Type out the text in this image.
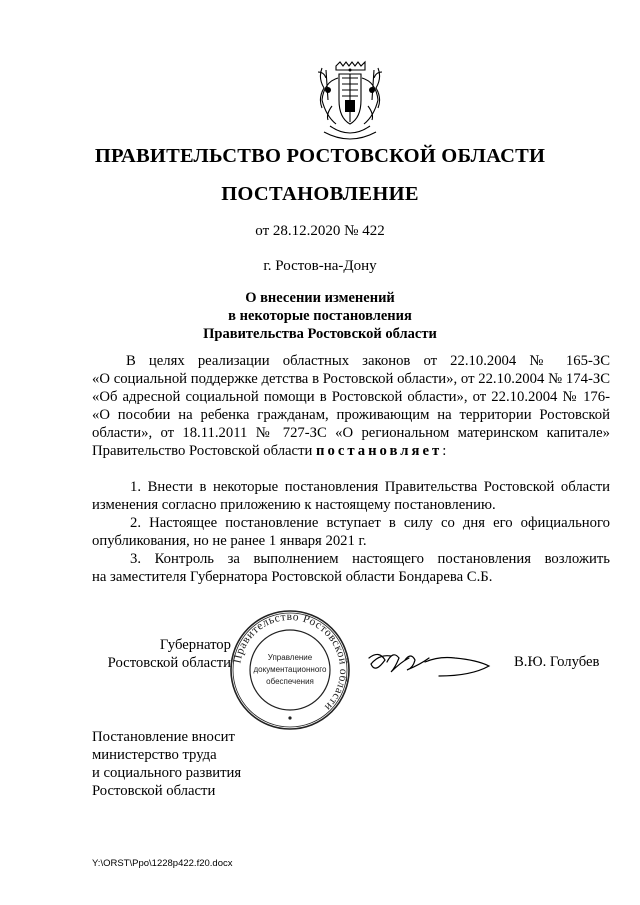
ПРАВИТЕЛЬСТВО РОСТОВСКОЙ ОБЛАСТИ
ПОСТАНОВЛЕНИЕ
от 28.12.2020 № 422
г. Ростов-на-Дону
О внесении изменений
в некоторые постановления
Правительства Ростовской области
В целях реализации областных законов от 22.10.2004 № 165-ЗС
«О социальной поддержке детства в Ростовской области», от 22.10.2004 № 174-ЗС
«Об адресной социальной помощи в Ростовской области», от 22.10.2004 № 176-
«О пособии на ребенка гражданам, проживающим на территории Ростовской
области», от 18.11.2011 № 727-ЗС «О региональном материнском капитале»
Правительство Ростовской области постановляет:
1. Внести в некоторые постановления Правительства Ростовской области
изменения согласно приложению к настоящему постановлению.
2. Настоящее постановление вступает в силу со дня его официального
опубликования, но не ранее 1 января 2021 г.
3. Контроль за выполнением настоящего постановления возложить
на заместителя Губернатора Ростовской области Бондарева С.Б.
Губернатор
Ростовской области Правительство Ростовской области
Управление
документационного
обеспечения
В.Ю. Голубев
Постановление вносит
министерство труда
и социального развития
Ростовской области
Y:\ORST\Ppo\1228p422.f20.docx
